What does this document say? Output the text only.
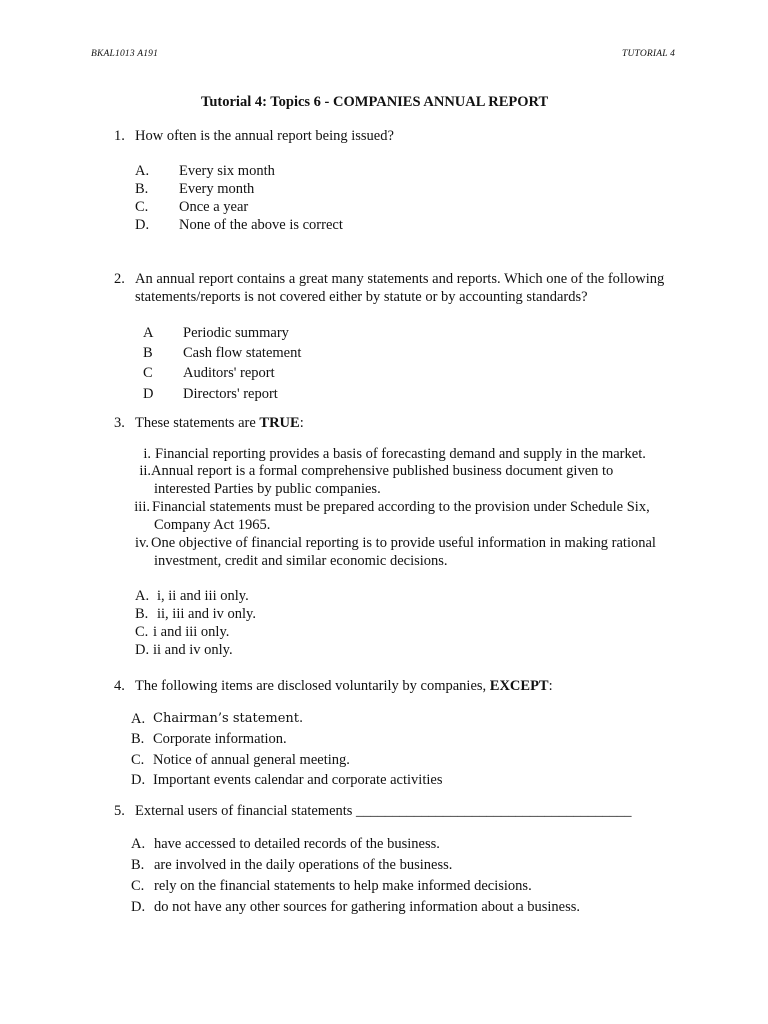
BKAL1013 A191	TUTORIAL 4
Tutorial 4: Topics 6 - COMPANIES ANNUAL REPORT
1. How often is the annual report being issued?
A. Every six month
B. Every month
C. Once a year
D. None of the above is correct
2. An annual report contains a great many statements and reports. Which one of the following
statements/reports is not covered either by statute or by accounting standards?
A Periodic summary
B Cash flow statement
C Auditors' report
D Directors' report
3. These statements are TRUE:
i. Financial reporting provides a basis of forecasting demand and supply in the market.
ii. Annual report is a formal comprehensive published business document given to
interested Parties by public companies.
iii. Financial statements must be prepared according to the provision under Schedule Six,
Company Act 1965.
iv. One objective of financial reporting is to provide useful information in making rational
investment, credit and similar economic decisions.
A. i, ii and iii only.
B. ii, iii and iv only.
C. i and iii only.
D. ii and iv only.
4. The following items are disclosed voluntarily by companies, EXCEPT:
A. Chairman’s statement.
B. Corporate information.
C. Notice of annual general meeting.
D. Important events calendar and corporate activities
5. External users of financial statements ______________________________________
A. have accessed to detailed records of the business.
B. are involved in the daily operations of the business.
C. rely on the financial statements to help make informed decisions.
D. do not have any other sources for gathering information about a business.
